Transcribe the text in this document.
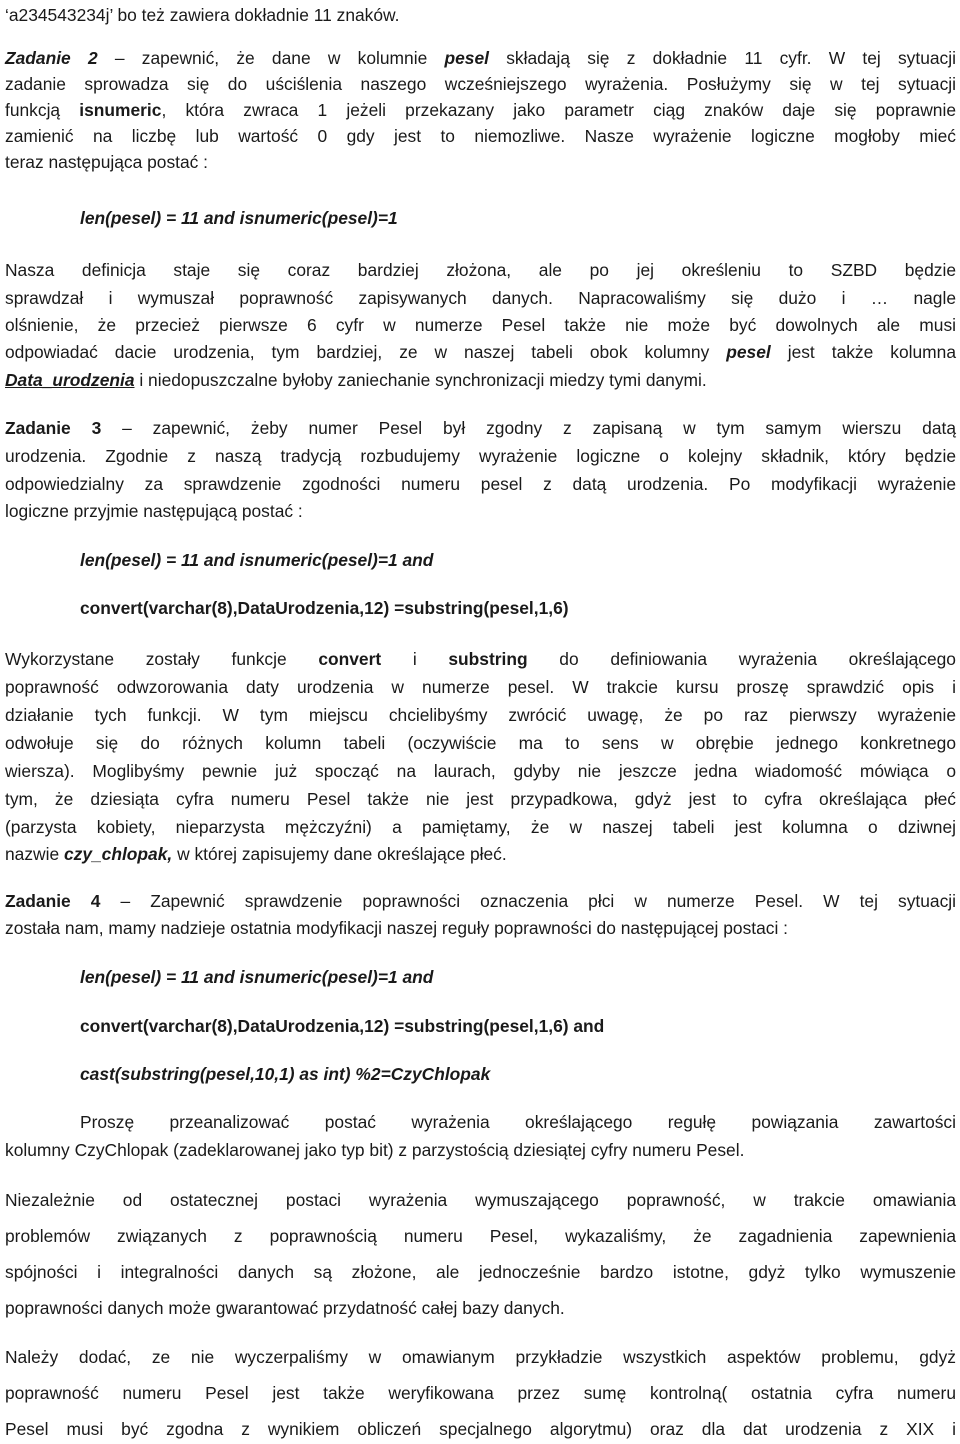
‘a234543234j’ bo też zawiera dokładnie 11 znaków.
Zadanie 2 – zapewnić, że dane w kolumnie pesel składają się z dokładnie 11 cyfr. W tej sytuacji
zadanie sprowadza się do uściślenia naszego wcześniejszego wyrażenia. Posłużymy się w tej sytuacji
funkcją isnumeric, która zwraca 1 jeżeli przekazany jako parametr ciąg znaków daje się poprawnie
zamienić na liczbę lub wartość 0 gdy jest to niemozliwe. Nasze wyrażenie logiczne mogłoby mieć
teraz następująca postać :
len(pesel) = 11 and isnumeric(pesel)=1
Nasza definicja staje się coraz bardziej złożona, ale po jej określeniu to SZBD będzie
sprawdzał i wymuszał poprawność zapisywanych danych. Napracowaliśmy się dużo i … nagle
olśnienie, że przecież pierwsze 6 cyfr w numerze Pesel także nie może być dowolnych ale musi
odpowiadać dacie urodzenia, tym bardziej, ze w naszej tabeli obok kolumny pesel jest także kolumna
Data_urodzenia i niedopuszczalne byłoby zaniechanie synchronizacji miedzy tymi danymi.
Zadanie 3 – zapewnić, żeby numer Pesel był zgodny z zapisaną w tym samym wierszu datą
urodzenia. Zgodnie z naszą tradycją rozbudujemy wyrażenie logiczne o kolejny składnik, który będzie
odpowiedzialny za sprawdzenie zgodności numeru pesel z datą urodzenia. Po modyfikacji wyrażenie
logiczne przyjmie następującą postać :
len(pesel) = 11 and isnumeric(pesel)=1 and
convert(varchar(8),DataUrodzenia,12) =substring(pesel,1,6)
Wykorzystane zostały funkcje convert i substring do definiowania wyrażenia określającego
poprawność odwzorowania daty urodzenia w numerze pesel. W trakcie kursu proszę sprawdzić opis i
działanie tych funkcji. W tym miejscu chcielibyśmy zwrócić uwagę, że po raz pierwszy wyrażenie
odwołuje się do różnych kolumn tabeli (oczywiście ma to sens w obrębie jednego konkretnego
wiersza). Moglibyśmy pewnie już spocząć na laurach, gdyby nie jeszcze jedna wiadomość mówiąca o
tym, że dziesiąta cyfra numeru Pesel także nie jest przypadkowa, gdyż jest to cyfra określająca płeć
(parzysta kobiety, nieparzysta mężczyźni) a pamiętamy, że w naszej tabeli jest kolumna o dziwnej
nazwie czy_chlopak, w której zapisujemy dane określające płeć.
Zadanie 4 – Zapewnić sprawdzenie poprawności oznaczenia płci w numerze Pesel. W tej sytuacji
została nam, mamy nadzieje ostatnia modyfikacji naszej reguły poprawności do następującej postaci :
len(pesel) = 11 and isnumeric(pesel)=1 and
convert(varchar(8),DataUrodzenia,12) =substring(pesel,1,6) and
cast(substring(pesel,10,1) as int) %2=CzyChlopak
Proszę przeanalizować postać wyrażenia określającego regułę powiązania zawartości
kolumny CzyChlopak (zadeklarowanej jako typ bit) z parzystością dziesiątej cyfry numeru Pesel.
Niezależnie od ostatecznej postaci wyrażenia wymuszającego poprawność, w trakcie omawiania
problemów związanych z poprawnością numeru Pesel, wykazaliśmy, że zagadnienia zapewnienia
spójności i integralności danych są złożone, ale jednocześnie bardzo istotne, gdyż tylko wymuszenie
poprawności danych może gwarantować przydatność całej bazy danych.
Należy dodać, ze nie wyczerpaliśmy w omawianym przykładzie wszystkich aspektów problemu, gdyż
poprawność numeru Pesel jest także weryfikowana przez sumę kontrolną( ostatnia cyfra numeru
Pesel musi być zgodna z wynikiem obliczeń specjalnego algorytmu) oraz dla dat urodzenia z XIX i
